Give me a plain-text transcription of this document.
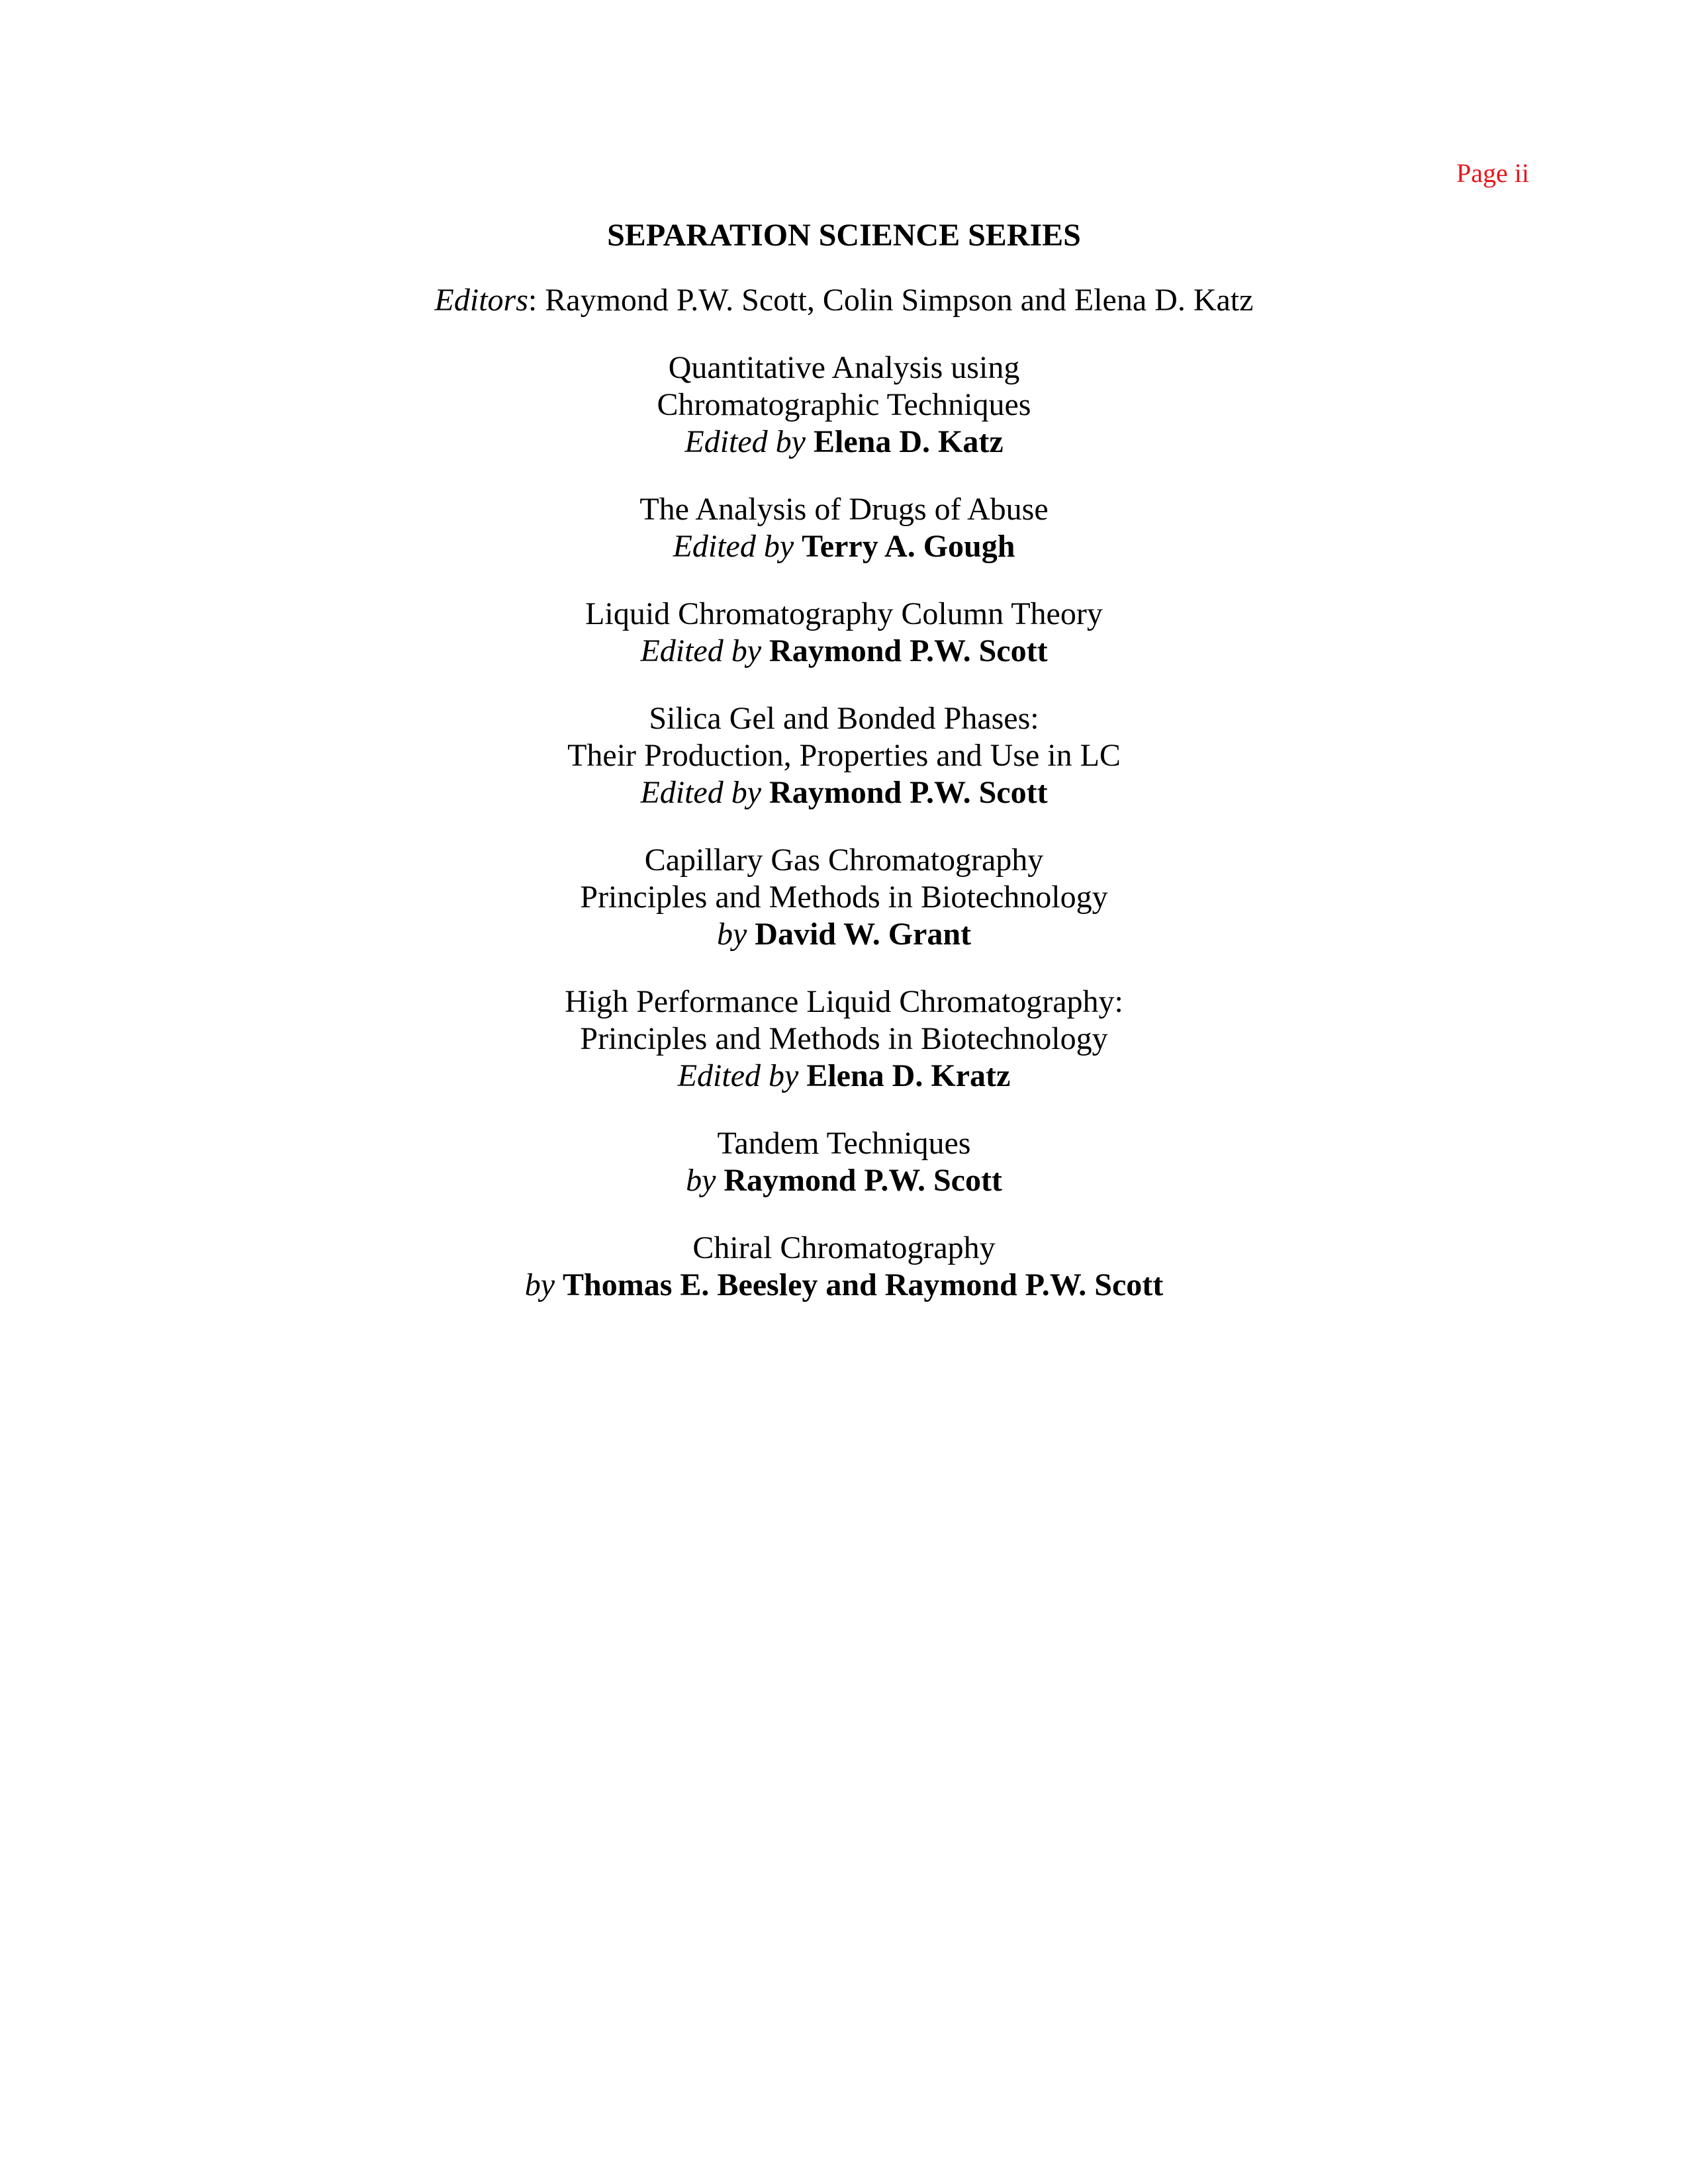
Page ii
SEPARATION SCIENCE SERIES
Editors: Raymond P.W. Scott, Colin Simpson and Elena D. Katz
Quantitative Analysis using
Chromatographic Techniques
Edited by Elena D. Katz
The Analysis of Drugs of Abuse
Edited by Terry A. Gough
Liquid Chromatography Column Theory
Edited by Raymond P.W. Scott
Silica Gel and Bonded Phases:
Their Production, Properties and Use in LC
Edited by Raymond P.W. Scott
Capillary Gas Chromatography
Principles and Methods in Biotechnology
by David W. Grant
High Performance Liquid Chromatography:
Principles and Methods in Biotechnology
Edited by Elena D. Kratz
Tandem Techniques
by Raymond P.W. Scott
Chiral Chromatography
by Thomas E. Beesley and Raymond P.W. Scott
